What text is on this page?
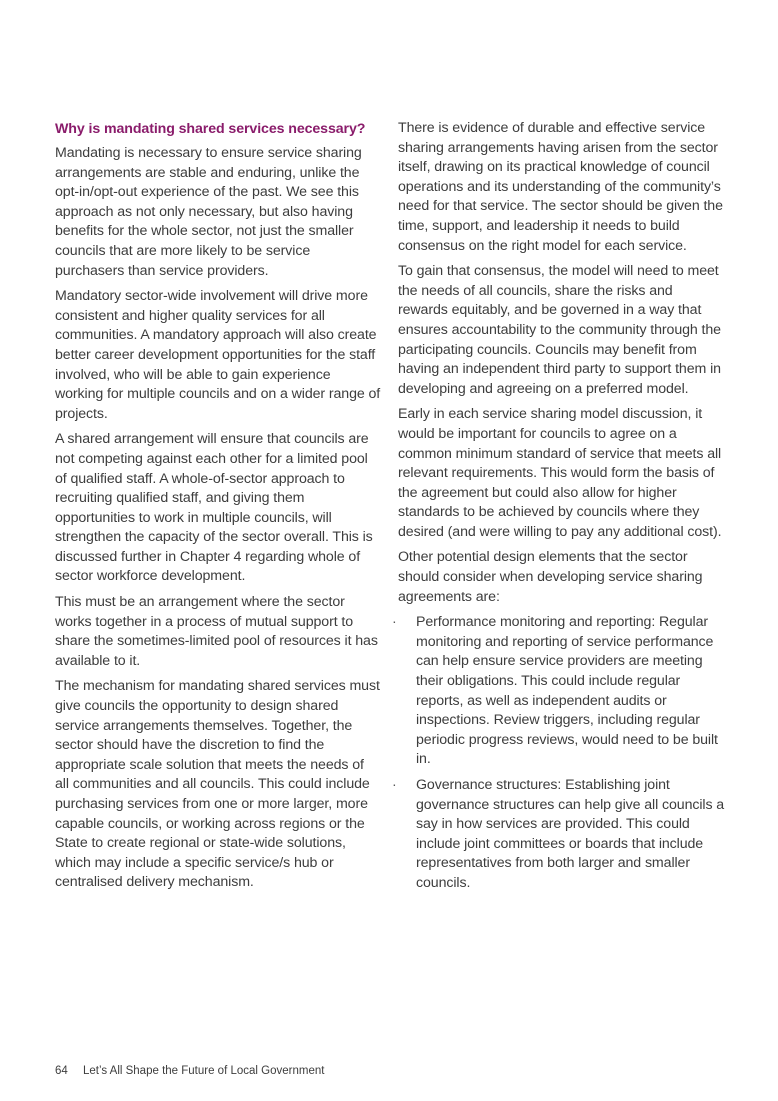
Why is mandating shared services necessary?

Mandating is necessary to ensure service sharing arrangements are stable and enduring, unlike the opt-in/opt-out experience of the past. We see this approach as not only necessary, but also having benefits for the whole sector, not just the smaller councils that are more likely to be service purchasers than service providers.

Mandatory sector-wide involvement will drive more consistent and higher quality services for all communities. A mandatory approach will also create better career development opportunities for the staff involved, who will be able to gain experience working for multiple councils and on a wider range of projects.

A shared arrangement will ensure that councils are not competing against each other for a limited pool of qualified staff. A whole-of-sector approach to recruiting qualified staff, and giving them opportunities to work in multiple councils, will strengthen the capacity of the sector overall. This is discussed further in Chapter 4 regarding whole of sector workforce development.

This must be an arrangement where the sector works together in a process of mutual support to share the sometimes-limited pool of resources it has available to it.

The mechanism for mandating shared services must give councils the opportunity to design shared service arrangements themselves. Together, the sector should have the discretion to find the appropriate scale solution that meets the needs of all communities and all councils. This could include purchasing services from one or more larger, more capable councils, or working across regions or the State to create regional or state-wide solutions, which may include a specific service/s hub or centralised delivery mechanism.

There is evidence of durable and effective service sharing arrangements having arisen from the sector itself, drawing on its practical knowledge of council operations and its understanding of the community’s need for that service. The sector should be given the time, support, and leadership it needs to build consensus on the right model for each service.

To gain that consensus, the model will need to meet the needs of all councils, share the risks and rewards equitably, and be governed in a way that ensures accountability to the community through the participating councils. Councils may benefit from having an independent third party to support them in developing and agreeing on a preferred model.

Early in each service sharing model discussion, it would be important for councils to agree on a common minimum standard of service that meets all relevant requirements. This would form the basis of the agreement but could also allow for higher standards to be achieved by councils where they desired (and were willing to pay any additional cost).

Other potential design elements that the sector should consider when developing service sharing agreements are:

· Performance monitoring and reporting: Regular monitoring and reporting of service performance can help ensure service providers are meeting their obligations. This could include regular reports, as well as independent audits or inspections. Review triggers, including regular periodic progress reviews, would need to be built in.
· Governance structures: Establishing joint governance structures can help give all councils a say in how services are provided. This could include joint committees or boards that include representatives from both larger and smaller councils.
64 Let’s All Shape the Future of Local Government
